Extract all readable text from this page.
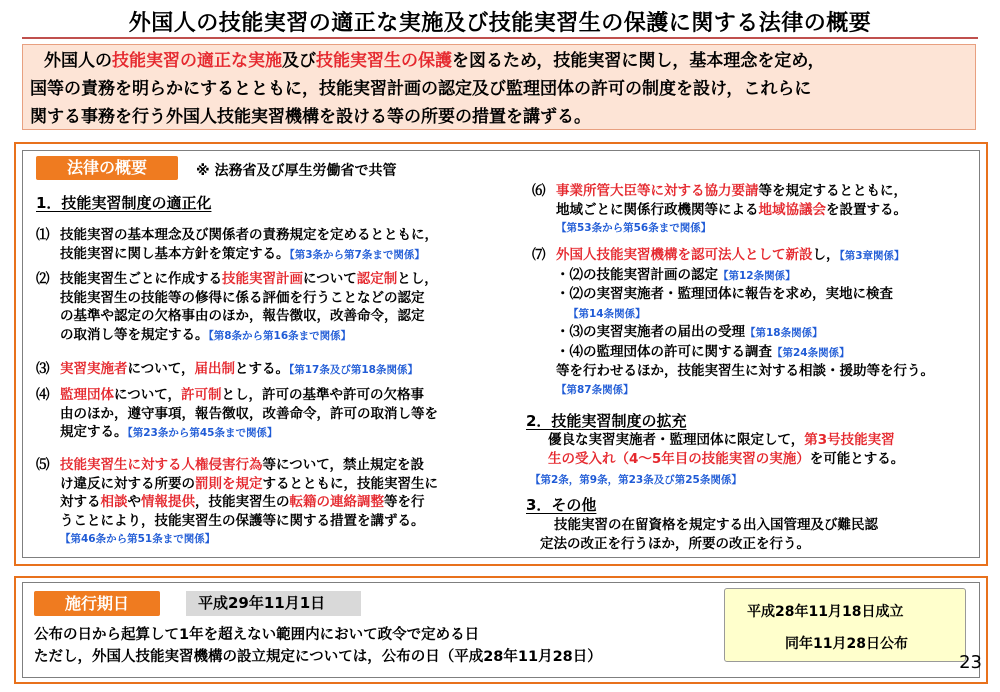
外国人の技能実習の適正な実施及び技能実習生の保護に関する法律の概要
外国人の技能実習の適正な実施及び技能実習生の保護を図るため，技能実習に関し，基本理念を定め，
国等の責務を明らかにするとともに，技能実習計画の認定及び監理団体の許可の制度を設け，これらに
関する事務を行う外国人技能実習機構を設ける等の所要の措置を講ずる。
法律の概要	※ 法務省及び厚生労働省で共管
1．技能実習制度の適正化
⑴ 技能実習の基本理念及び関係者の責務規定を定めるとともに，
技能実習に関し基本方針を策定する。【第3条から第7条まで関係】
⑵ 技能実習生ごとに作成する技能実習計画について認定制とし，
技能実習生の技能等の修得に係る評価を行うことなどの認定
の基準や認定の欠格事由のほか，報告徴収，改善命令，認定
の取消し等を規定する。【第8条から第16条まで関係】
⑶ 実習実施者について，届出制とする。【第17条及び第18条関係】
⑷ 監理団体について，許可制とし，許可の基準や許可の欠格事
由のほか，遵守事項，報告徴収，改善命令，許可の取消し等を
規定する。【第23条から第45条まで関係】
⑸ 技能実習生に対する人権侵害行為等について，禁止規定を設
け違反に対する所要の罰則を規定するとともに，技能実習生に
対する相談や情報提供，技能実習生の転籍の連絡調整等を行
うことにより，技能実習生の保護等に関する措置を講ずる。
【第46条から第51条まで関係】
⑹ 事業所管大臣等に対する協力要請等を規定するとともに，
地域ごとに関係行政機関等による地域協議会を設置する。
【第53条から第56条まで関係】
⑺ 外国人技能実習機構を認可法人として新設し，【第3章関係】
・⑵の技能実習計画の認定【第12条関係】
・⑵の実習実施者・監理団体に報告を求め，実地に検査
【第14条関係】
・⑶の実習実施者の届出の受理【第18条関係】
・⑷の監理団体の許可に関する調査【第24条関係】
等を行わせるほか，技能実習生に対する相談・援助等を行う。
【第87条関係】
2．技能実習制度の拡充
優良な実習実施者・監理団体に限定して，第3号技能実習
生の受入れ（4～5年目の技能実習の実施）を可能とする。
【第2条，第9条，第23条及び第25条関係】
3．その他
技能実習の在留資格を規定する出入国管理及び難民認
定法の改正を行うほか，所要の改正を行う。
施行期日	平成29年11月1日
公布の日から起算して1年を超えない範囲内において政令で定める日
ただし，外国人技能実習機構の設立規定については，公布の日（平成28年11月28日）
平成28年11月18日成立
同年11月28日公布
23
